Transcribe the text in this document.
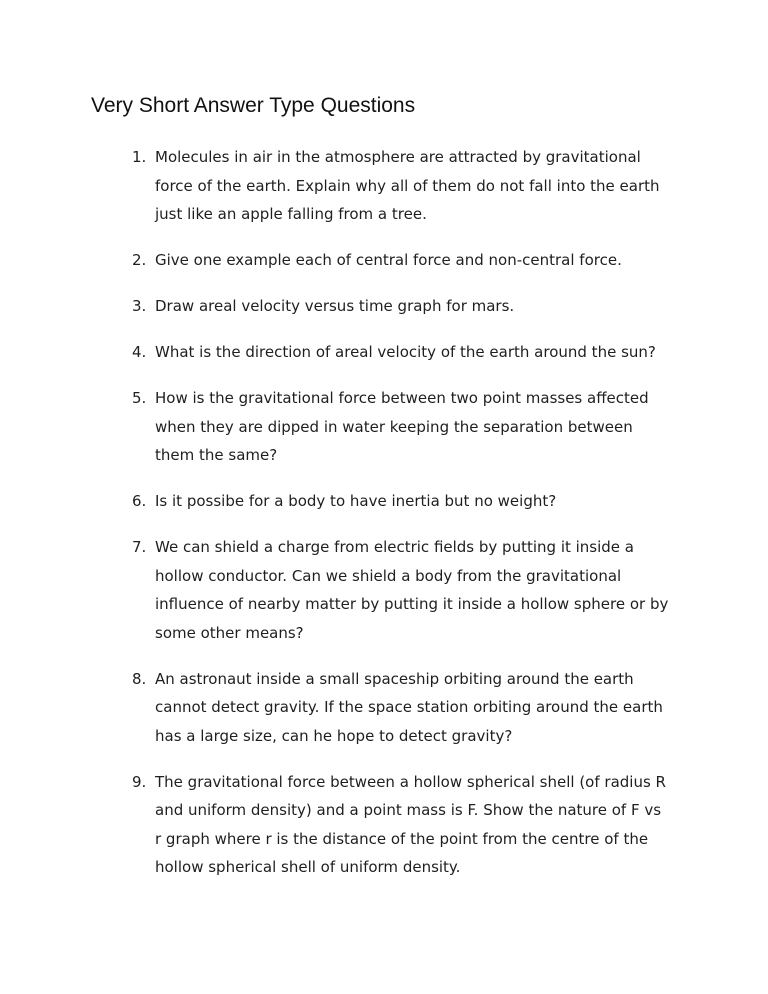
Very Short Answer Type Questions
1. Molecules in air in the atmosphere are attracted by gravitational
force of the earth. Explain why all of them do not fall into the earth
just like an apple falling from a tree.
2. Give one example each of central force and non-central force.
3. Draw areal velocity versus time graph for mars.
4. What is the direction of areal velocity of the earth around the sun?
5. How is the gravitational force between two point masses affected
when they are dipped in water keeping the separation between
them the same?
6. Is it possibe for a body to have inertia but no weight?
7. We can shield a charge from electric fields by putting it inside a
hollow conductor. Can we shield a body from the gravitational
influence of nearby matter by putting it inside a hollow sphere or by
some other means?
8. An astronaut inside a small spaceship orbiting around the earth
cannot detect gravity. If the space station orbiting around the earth
has a large size, can he hope to detect gravity?
9. The gravitational force between a hollow spherical shell (of radius R
and uniform density) and a point mass is F. Show the nature of F vs
r graph where r is the distance of the point from the centre of the
hollow spherical shell of uniform density.
